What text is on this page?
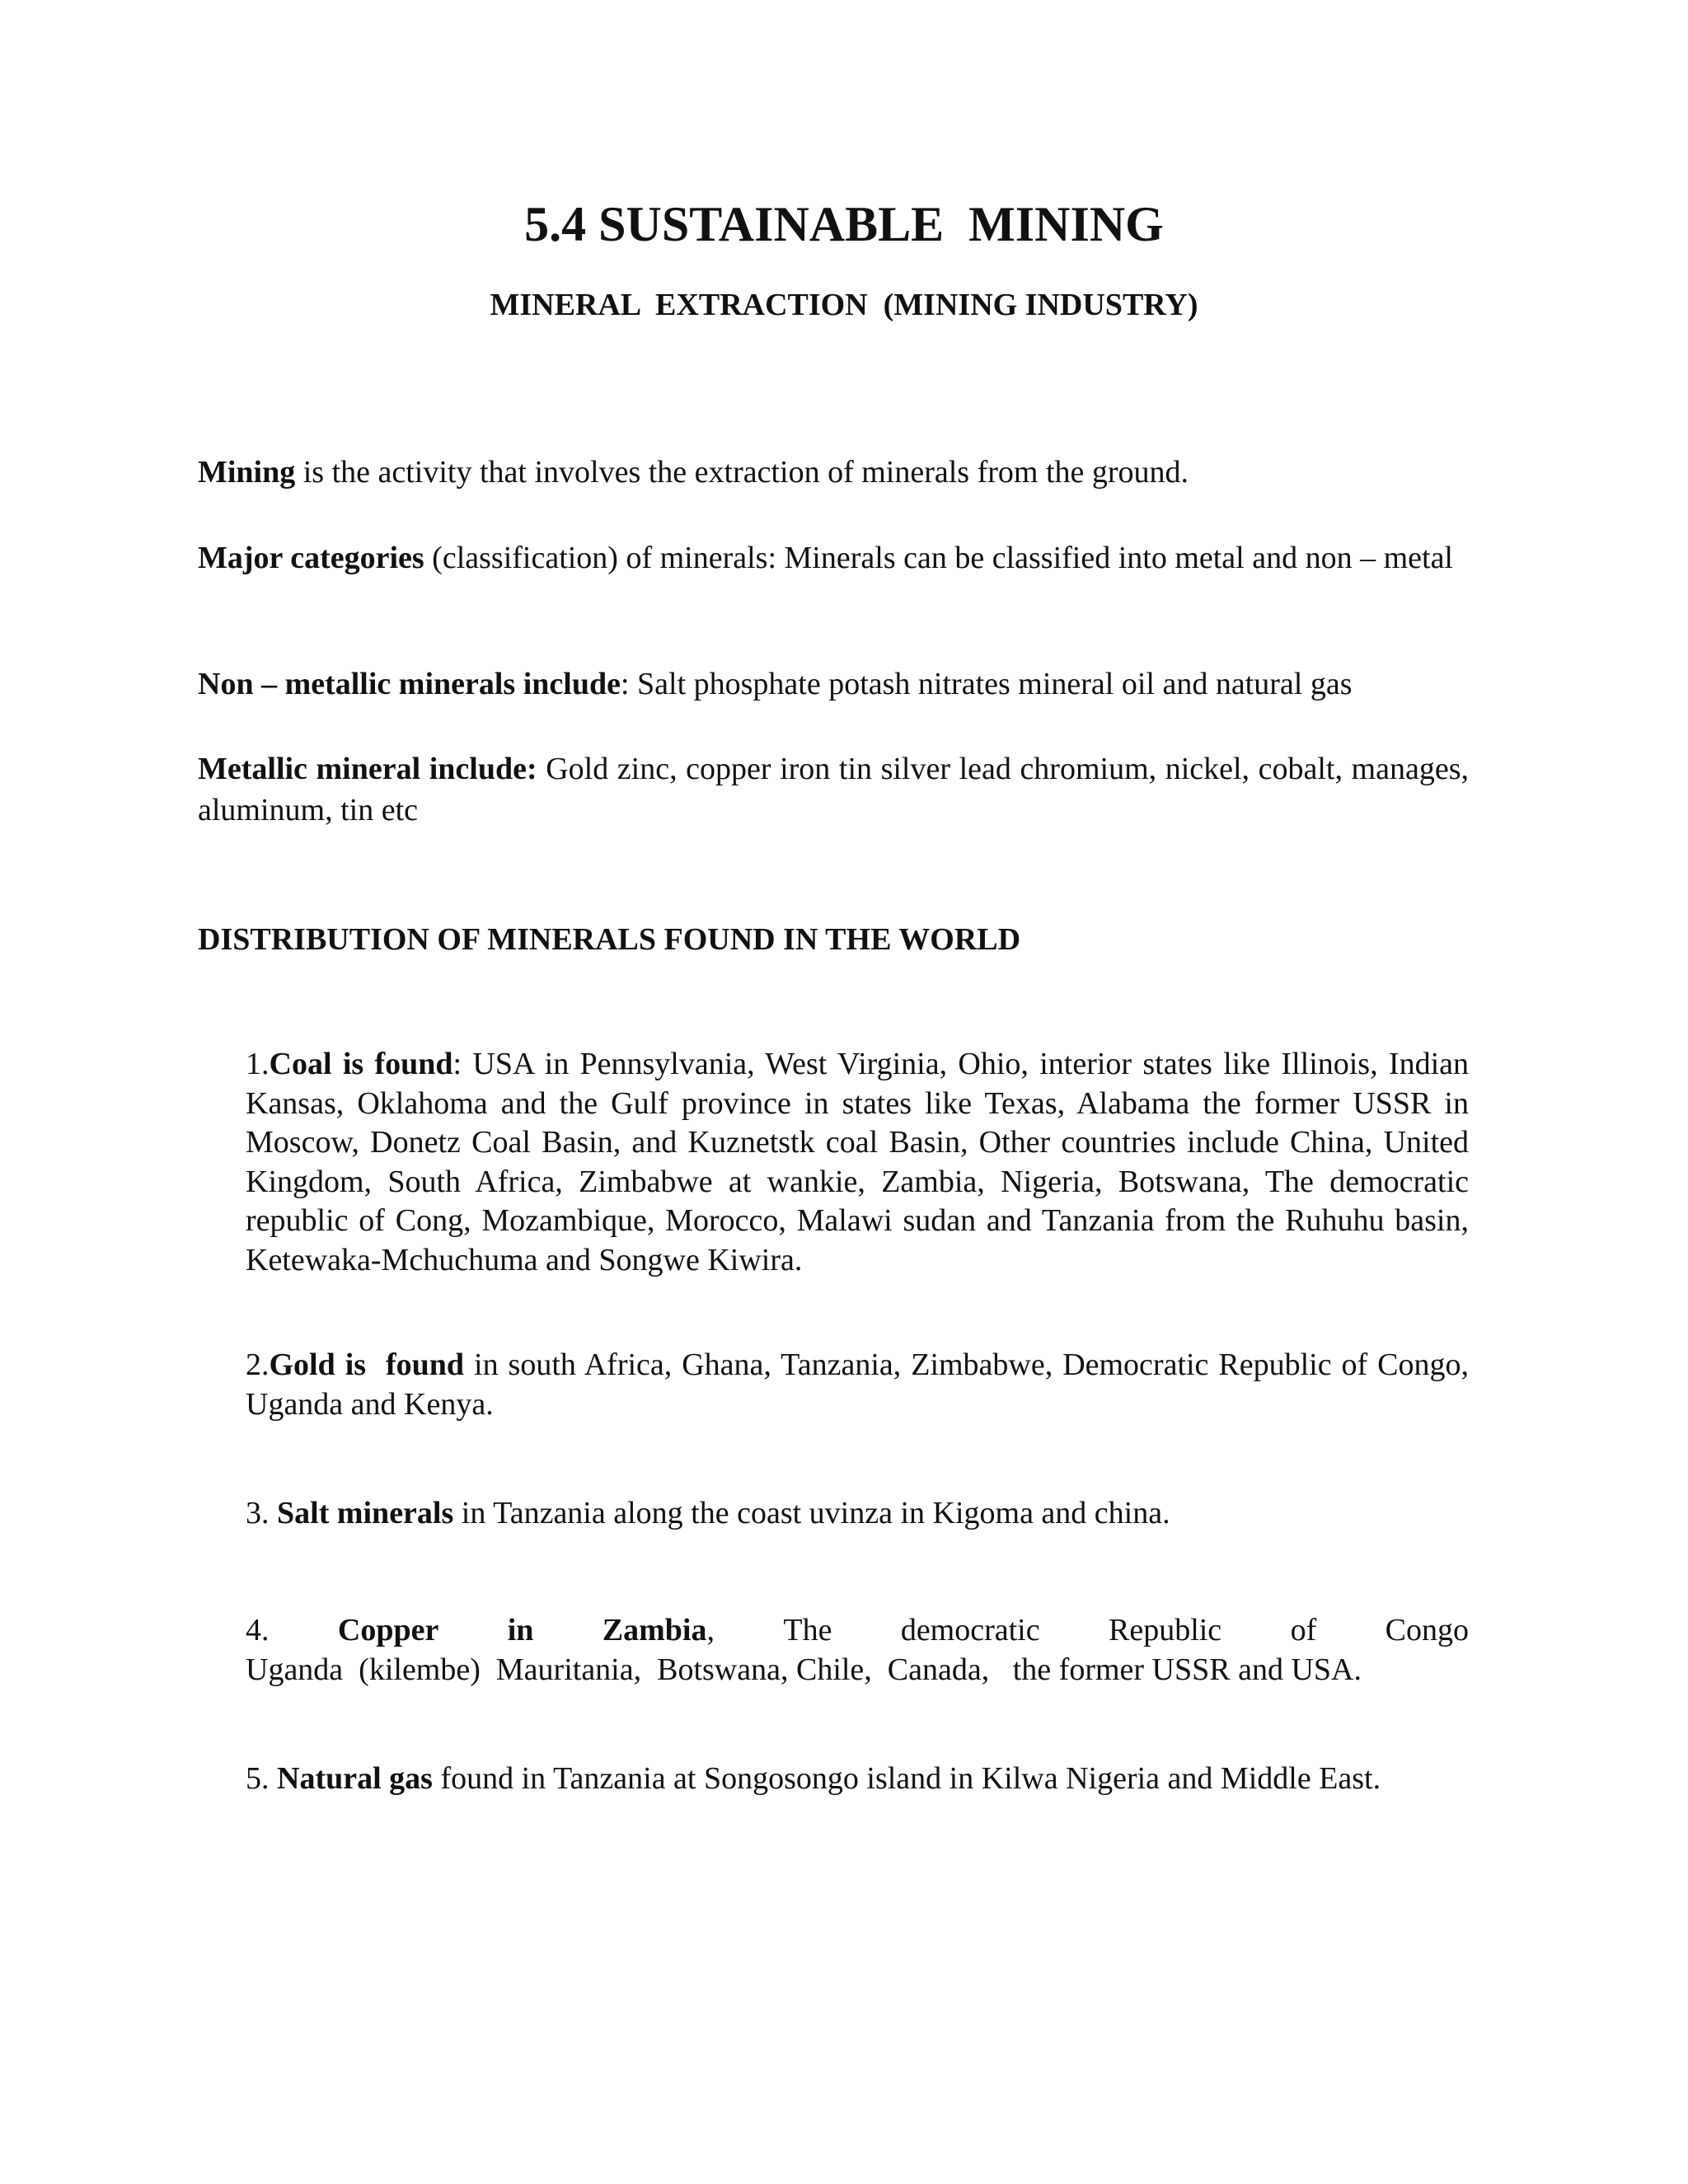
5.4 SUSTAINABLE  MINING
MINERAL  EXTRACTION  (MINING INDUSTRY)

Mining is the activity that involves the extraction of minerals from the ground.

Major categories (classification) of minerals: Minerals can be classified into metal and non – metal

Non – metallic minerals include: Salt phosphate potash nitrates mineral oil and natural gas

Metallic mineral include: Gold zinc, copper iron tin silver lead chromium, nickel, cobalt, manages, aluminum, tin etc

DISTRIBUTION OF MINERALS FOUND IN THE WORLD

1.Coal is found: USA in Pennsylvania, West Virginia, Ohio, interior states like Illinois, Indian Kansas, Oklahoma and the Gulf province in states like Texas, Alabama the former USSR in Moscow, Donetz Coal Basin, and Kuznetstk coal Basin, Other countries include China, United Kingdom, South Africa, Zimbabwe at wankie, Zambia, Nigeria, Botswana, The democratic republic of Cong, Mozambique, Morocco, Malawi sudan and Tanzania from the Ruhuhu basin, Ketewaka-Mchuchuma and Songwe Kiwira.

2.Gold is  found in south Africa, Ghana, Tanzania, Zimbabwe, Democratic Republic of Congo, Uganda and Kenya.

3. Salt minerals in Tanzania along the coast uvinza in Kigoma and china.

4. Copper in Zambia, The democratic Republic of Congo
Uganda  (kilembe)  Mauritania,  Botswana, Chile,  Canada,   the former USSR and USA.

5. Natural gas found in Tanzania at Songosongo island in Kilwa Nigeria and Middle East.
